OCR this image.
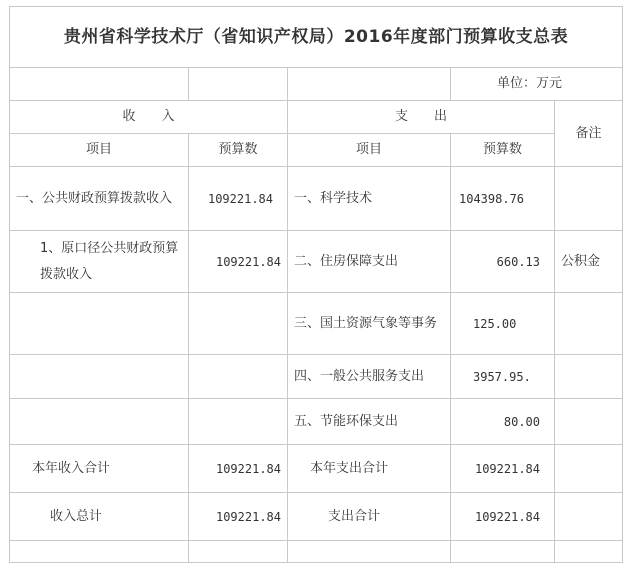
贵州省科学技术厅（省知识产权局）2016年度部门预算收支总表				
			单位：万元	
收　　入		支　　出		备注
项目	预算数	项目	预算数	
一、公共财政预算拨款收入	109221.84	一、科学技术	104398.76	
1、原口径公共财政预算拨款收入	109221.84	二、住房保障支出	660.13	公积金
		三、国土资源气象等事务	125.00	
		四、一般公共服务支出	3957.95.	
		五、节能环保支出	80.00	
本年收入合计	109221.84	本年支出合计	109221.84	
收入总计	109221.84	支出合计	109221.84	
